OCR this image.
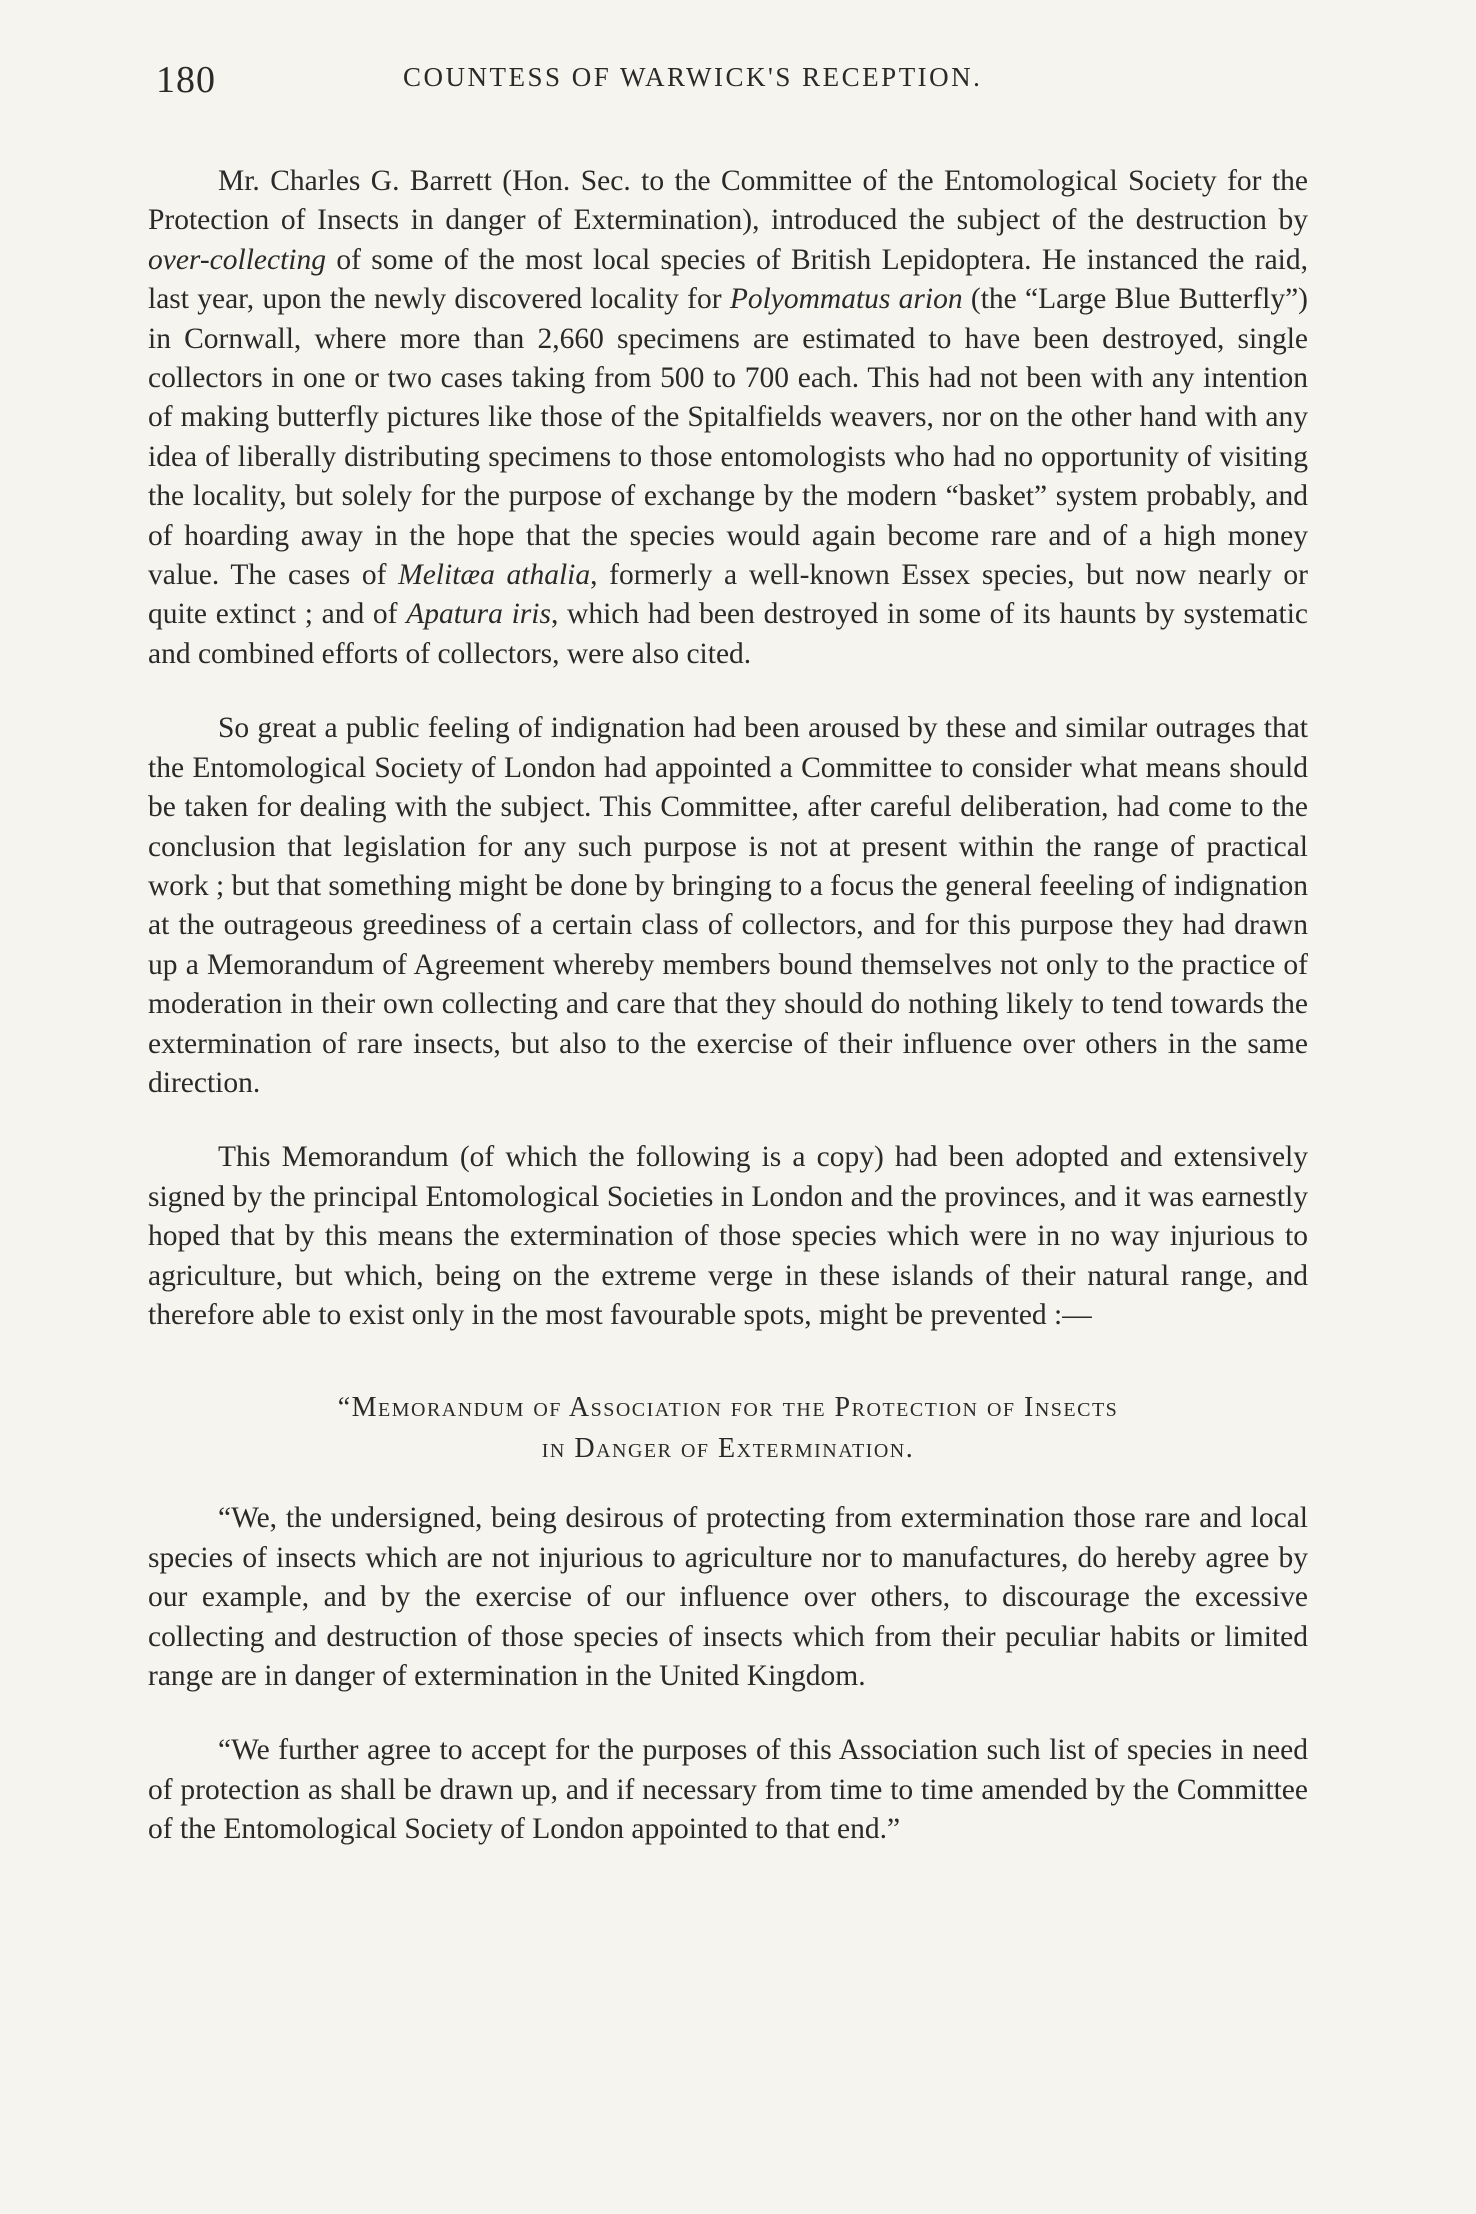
180	COUNTESS OF WARWICK'S RECEPTION.

Mr. Charles G. Barrett (Hon. Sec. to the Committee of the Entomological Society for the Protection of Insects in danger of Extermination), introduced the subject of the destruction by over-collecting of some of the most local species of British Lepidoptera. He instanced the raid, last year, upon the newly discovered locality for Polyommatus arion (the “Large Blue Butterfly”) in Cornwall, where more than 2,660 specimens are estimated to have been destroyed, single collectors in one or two cases taking from 500 to 700 each. This had not been with any intention of making butterfly pictures like those of the Spitalfields weavers, nor on the other hand with any idea of liberally distributing specimens to those entomologists who had no opportunity of visiting the locality, but solely for the purpose of exchange by the modern “basket” system probably, and of hoarding away in the hope that the species would again become rare and of a high money value. The cases of Melitæa athalia, formerly a well-known Essex species, but now nearly or quite extinct ; and of Apatura iris, which had been destroyed in some of its haunts by systematic and combined efforts of collectors, were also cited.

So great a public feeling of indignation had been aroused by these and similar outrages that the Entomological Society of London had appointed a Committee to consider what means should be taken for dealing with the subject. This Committee, after careful deliberation, had come to the conclusion that legislation for any such purpose is not at present within the range of practical work ; but that something might be done by bringing to a focus the general feeeling of indignation at the outrageous greediness of a certain class of collectors, and for this purpose they had drawn up a Memorandum of Agreement whereby members bound themselves not only to the practice of moderation in their own collecting and care that they should do nothing likely to tend towards the extermination of rare insects, but also to the exercise of their influence over others in the same direction.

This Memorandum (of which the following is a copy) had been adopted and extensively signed by the principal Entomological Societies in London and the provinces, and it was earnestly hoped that by this means the extermination of those species which were in no way injurious to agriculture, but which, being on the extreme verge in these islands of their natural range, and therefore able to exist only in the most favourable spots, might be prevented :—

“Memorandum of Association for the Protection of Insects
in Danger of Extermination.

“We, the undersigned, being desirous of protecting from extermination those rare and local species of insects which are not injurious to agriculture nor to manufactures, do hereby agree by our example, and by the exercise of our influence over others, to discourage the excessive collecting and destruction of those species of insects which from their peculiar habits or limited range are in danger of extermination in the United Kingdom.

“We further agree to accept for the purposes of this Association such list of species in need of protection as shall be drawn up, and if necessary from time to time amended by the Committee of the Entomological Society of London appointed to that end.”
